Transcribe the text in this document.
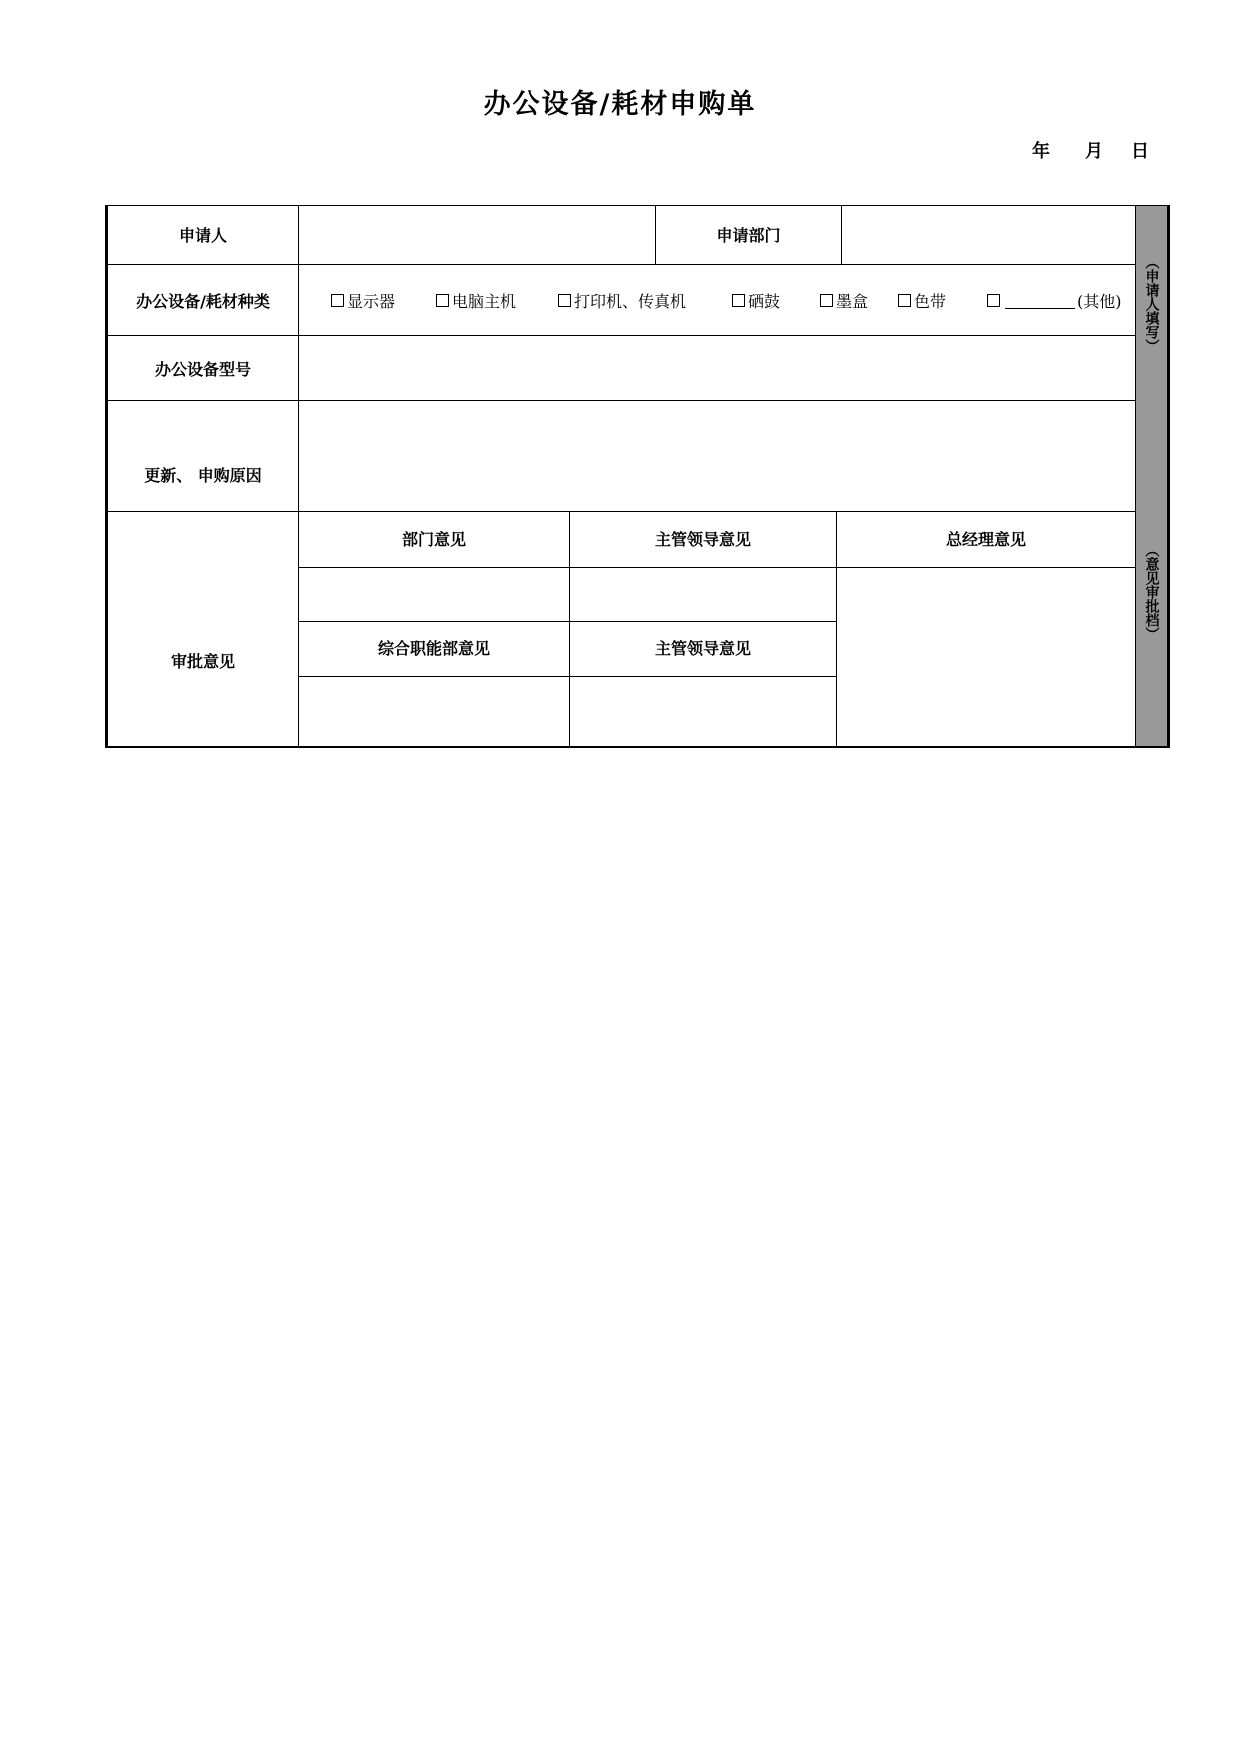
办公设备/耗材申购单
年 月 日
（申请人填写）
（意见审批档）
申请人	申请部门
办公设备/耗材种类	显示器	电脑主机	打印机、传真机	硒鼓	墨盒	色带	(其他)
办公设备型号
更新、 申购原因
审批意见
部门意见	主管领导意见	总经理意见
综合职能部意见	主管领导意见
